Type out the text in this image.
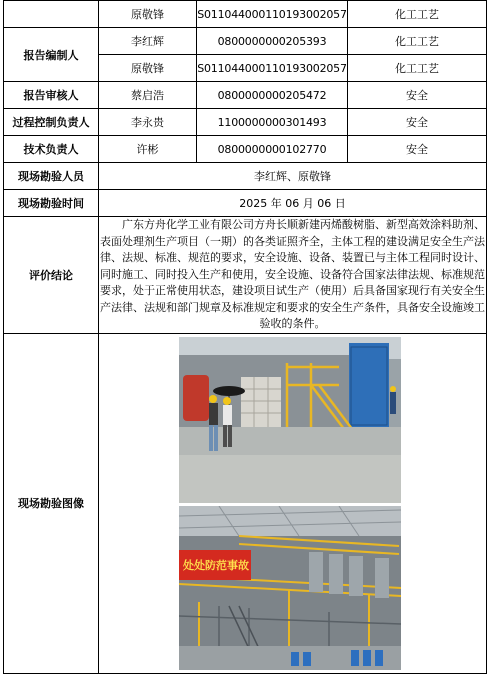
	原敬锋	S011044000110193002057	化工工艺
报告编制人	李红辉	0800000000205393	化工工艺
	原敬锋	S011044000110193002057	化工工艺
报告审核人	蔡启浩	0800000000205472	安全
过程控制负责人	李永贵	1100000000301493	安全
技术负责人	许彬	0800000000102770	安全
现场勘验人员	李红辉、原敬锋		
现场勘验时间	2025 年 06 月 06 日		
评价结论	广东方舟化学工业有限公司方舟长顺新建丙烯酸树脂、新型高效涂料助剂、表面处理剂生产项目（一期）的各类证照齐全，主体工程的建设满足安全生产法律、法规、标准、规范的要求，安全设施、设备、装置已与主体工程同时设计、同时施工、同时投入生产和使用，安全设施、设备符合国家法律法规、标准规范要求，处于正常使用状态，建设项目试生产（使用）后具备国家现行有关安全生产法律、法规和部门规章及标准规定和要求的安全生产条件，具备安全设施竣工验收的条件。		
现场勘验图像	处处防范事故		
